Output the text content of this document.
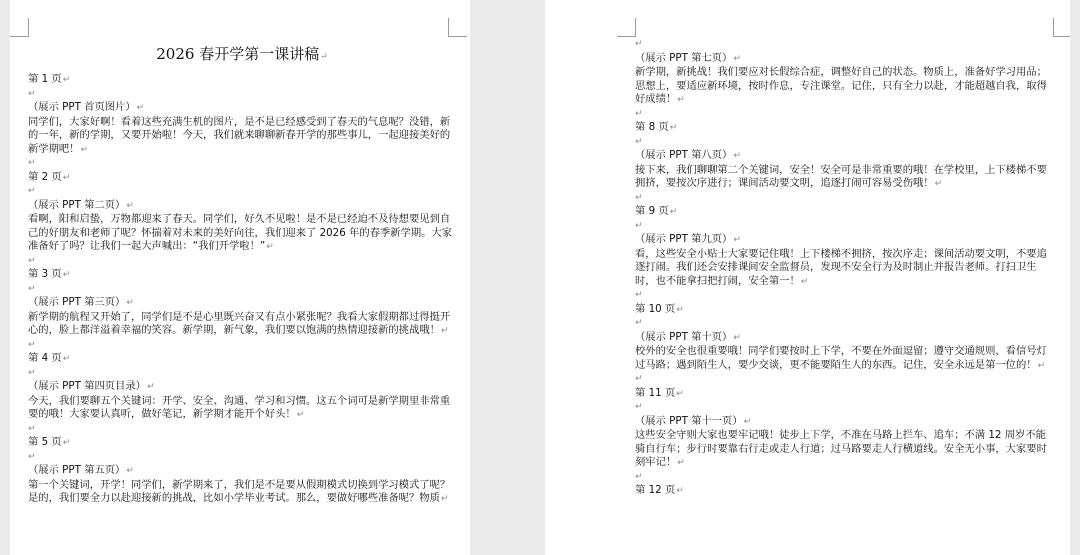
2026 春开学第一课讲稿↵
第 1 页↵
↵
（展示 PPT 首页图片）↵
同学们，大家好啊！看着这些充满生机的图片，是不是已经感受到了春天的气息呢？没错，新的一年，新的学期，又要开始啦！今天，我们就来聊聊新春开学的那些事儿，一起迎接美好的新学期吧！↵
↵
第 2 页↵
↵
（展示 PPT 第二页）↵
看啊，阳和启蛰，万物都迎来了春天。同学们，好久不见啦！是不是已经迫不及待想要见到自己的好朋友和老师了呢？怀揣着对未来的美好向往，我们迎来了 2026 年的春季新学期。大家准备好了吗？让我们一起大声喊出：“我们开学啦！”↵
↵
第 3 页↵
↵
（展示 PPT 第三页）↵
新学期的航程又开始了，同学们是不是心里既兴奋又有点小紧张呢？我看大家假期都过得挺开心的，脸上都洋溢着幸福的笑容。新学期，新气象，我们要以饱满的热情迎接新的挑战哦！↵
↵
第 4 页↵
↵
（展示 PPT 第四页目录）↵
今天，我们要聊五个关键词：开学、安全、沟通、学习和习惯。这五个词可是新学期里非常重要的哦！大家要认真听，做好笔记，新学期才能开个好头！↵
↵
第 5 页↵
↵
（展示 PPT 第五页）↵
第一个关键词，开学！同学们，新学期来了，我们是不是要从假期模式切换到学习模式了呢？是的，我们要全力以赴迎接新的挑战，比如小学毕业考试。那么，要做好哪些准备呢？物质↵
↵
（展示 PPT 第七页）↵
新学期，新挑战！我们要应对长假综合症，调整好自己的状态。物质上，准备好学习用品；思想上，要适应新环境，按时作息，专注课堂。记住，只有全力以赴，才能超越自我，取得好成绩！↵
↵
第 8 页↵
↵
（展示 PPT 第八页）↵
接下来，我们聊聊第二个关键词，安全！安全可是非常重要的哦！在学校里，上下楼梯不要拥挤，要按次序进行；课间活动要文明，追逐打闹可容易受伤哦！↵
↵
第 9 页↵
↵
（展示 PPT 第九页）↵
看，这些安全小贴士大家要记住哦！上下楼梯不拥挤，按次序走；课间活动要文明，不要追逐打闹。我们还会安排课间安全监督员，发现不安全行为及时制止并报告老师。打扫卫生时，也不能拿扫把打闹，安全第一！↵
↵
第 10 页↵
↵
（展示 PPT 第十页）↵
校外的安全也很重要哦！同学们要按时上下学，不要在外面逗留；遵守交通规则，看信号灯过马路；遇到陌生人，要少交谈，更不能要陌生人的东西。记住，安全永远是第一位的！↵
↵
第 11 页↵
↵
（展示 PPT 第十一页）↵
这些安全守则大家也要牢记哦！徒步上下学，不准在马路上拦车、追车；不满 12 周岁不能骑自行车；步行时要靠右行走或走人行道；过马路要走人行横道线。安全无小事，大家要时刻牢记！↵
↵
第 12 页↵
